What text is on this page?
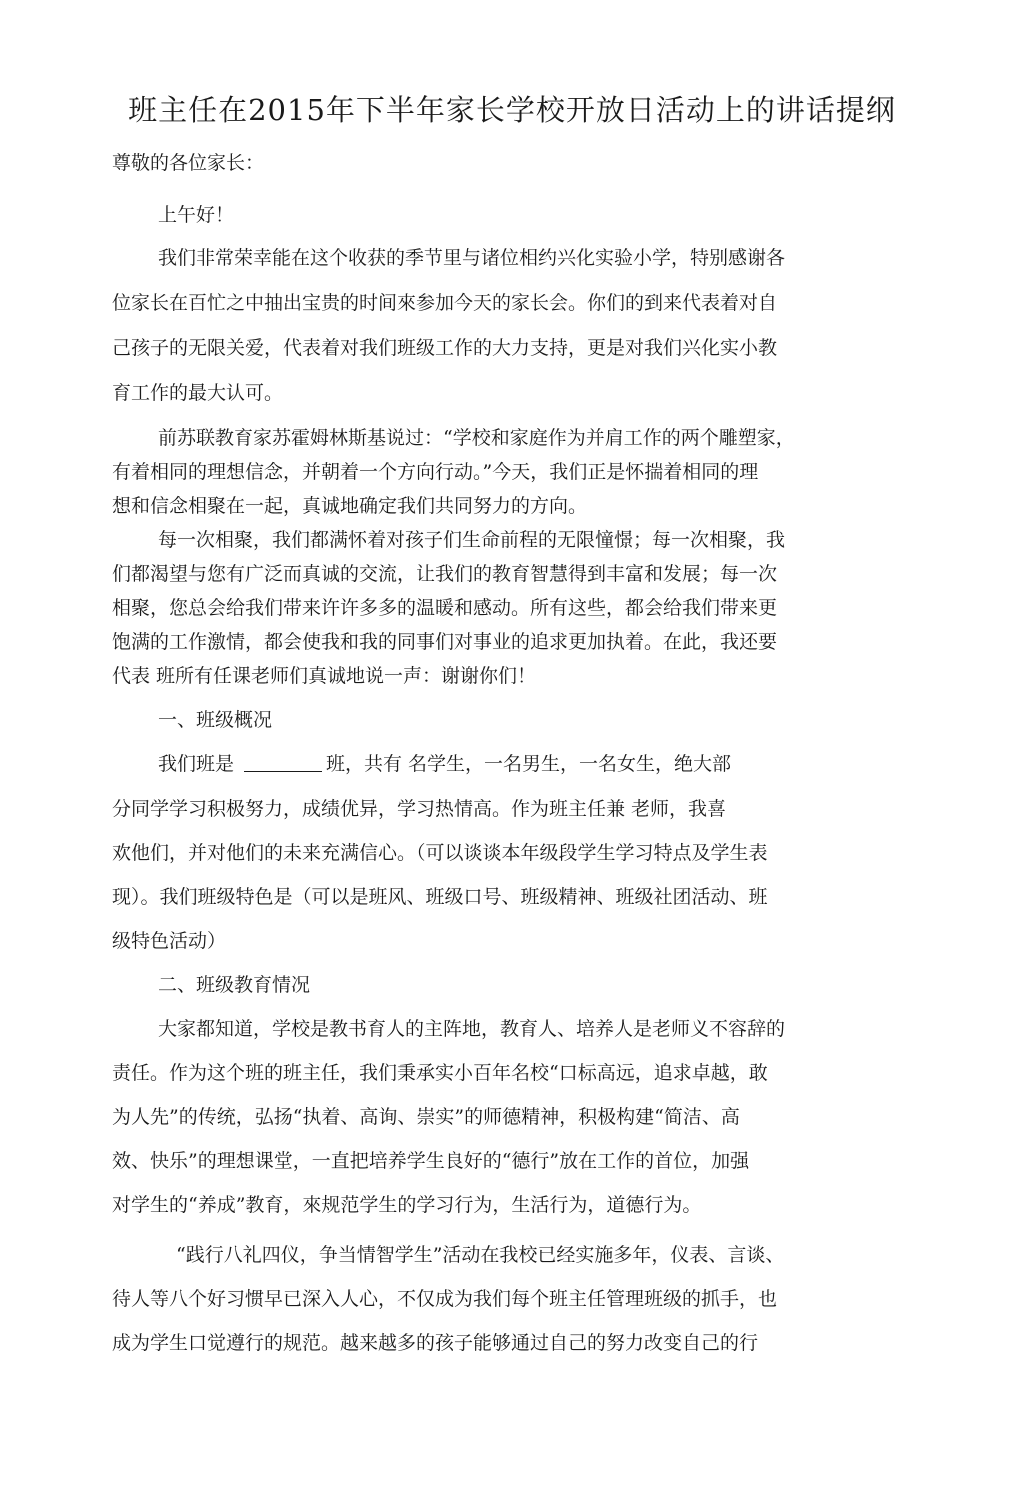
班主任在2015年下半年家长学校开放日活动上的讲话提纲

尊敬的各位家长：

上午好！

我们非常荣幸能在这个收获的季节里与诸位相约兴化实验小学，特别感谢各

位家长在百忙之中抽出宝贵的时间來参加今天的家长会。你们的到来代表着对自

己孩子的无限关爱，代表着对我们班级工作的大力支持，更是对我们兴化实小教

育工作的最大认可。

前苏联教育家苏霍姆林斯基说过：“学校和家庭作为并肩工作的两个雕塑家，

有着相同的理想信念，并朝着一个方向行动。”今天，我们正是怀揣着相同的理

想和信念相聚在一起，真诚地确定我们共同努力的方向。

每一次相聚，我们都满怀着对孩子们生命前程的无限憧憬；每一次相聚，我

们都渴望与您有广泛而真诚的交流，让我们的教育智慧得到丰富和发展；每一次

相聚，您总会给我们带来许许多多的温暖和感动。所有这些，都会给我们带来更

饱满的工作激情，都会使我和我的同事们对事业的追求更加执着。在此，我还要

代表 班所有任课老师们真诚地说一声：谢谢你们！

一、班级概况

我们班是	班，共有 名学生，一名男生，一名女生，绝大部

分同学学习积极努力，成绩优异，学习热情高。作为班主任兼 老师，我喜

欢他们，并对他们的未来充满信心。（可以谈谈本年级段学生学习特点及学生表

现）。我们班级特色是（可以是班风、班级口号、班级精神、班级社团活动、班

级特色活动）

二、班级教育情况

大家都知道，学校是教书育人的主阵地，教育人、培养人是老师义不容辞的

责任。作为这个班的班主任，我们秉承实小百年名校“口标高远，追求卓越，敢

为人先”的传统，弘扬“执着、高询、崇实”的师德精神，积极构建“简洁、高

效、快乐”的理想课堂，一直把培养学生良好的“德行”放在工作的首位，加强

对学生的“养成”教育，來规范学生的学习行为，生活行为，道德行为。

“践行八礼四仪，争当情智学生”活动在我校已经实施多年，仪表、言谈、

待人等八个好习惯早已深入人心，不仅成为我们每个班主任管理班级的抓手，也

成为学生口觉遵行的规范。越来越多的孩子能够通过自己的努力改变自己的行
